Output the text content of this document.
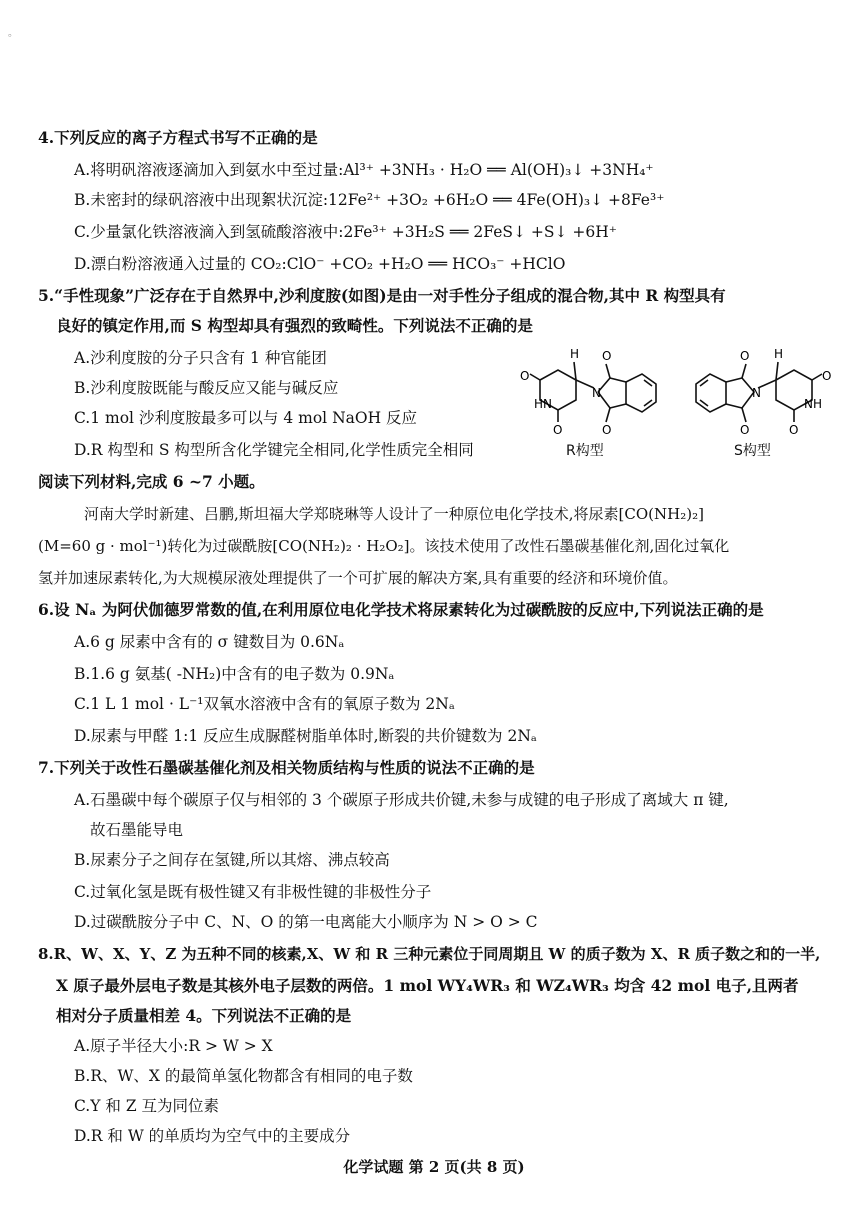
。
4.下列反应的离子方程式书写不正确的是
A.将明矾溶液逐滴加入到氨水中至过量:Al³⁺ +3NH₃ · H₂O ══ Al(OH)₃↓ +3NH₄⁺
B.未密封的绿矾溶液中出现絮状沉淀:12Fe²⁺ +3O₂ +6H₂O ══ 4Fe(OH)₃↓ +8Fe³⁺
C.少量氯化铁溶液滴入到氢硫酸溶液中:2Fe³⁺ +3H₂S ══ 2FeS↓ +S↓ +6H⁺
D.漂白粉溶液通入过量的 CO₂:ClO⁻ +CO₂ +H₂O ══ HCO₃⁻ +HClO
5.“手性现象”广泛存在于自然界中,沙利度胺(如图)是由一对手性分子组成的混合物,其中 R 构型具有
良好的镇定作用,而 S 构型却具有强烈的致畸性。下列说法不正确的是
A.沙利度胺的分子只含有 1 种官能团
B.沙利度胺既能与酸反应又能与碱反应
C.1 mol 沙利度胺最多可以与 4 mol NaOH 反应
D.R 构型和 S 构型所含化学键完全相同,化学性质完全相同
O
HN
O
H
N
O
O
O
N
O
H
O
NH
O
R构型	S构型
阅读下列材料,完成 6 ~7 小题。
河南大学时新建、吕鹏,斯坦福大学郑晓琳等人设计了一种原位电化学技术,将尿素[CO(NH₂)₂]
(M=60 g · mol⁻¹)转化为过碳酰胺[CO(NH₂)₂ · H₂O₂]。该技术使用了改性石墨碳基催化剂,固化过氧化
氢并加速尿素转化,为大规模尿液处理提供了一个可扩展的解决方案,具有重要的经济和环境价值。
6.设 Nₐ 为阿伏伽德罗常数的值,在利用原位电化学技术将尿素转化为过碳酰胺的反应中,下列说法正确的是
A.6 g 尿素中含有的 σ 键数目为 0.6Nₐ
B.1.6 g 氨基( -NH₂)中含有的电子数为 0.9Nₐ
C.1 L 1 mol · L⁻¹双氧水溶液中含有的氧原子数为 2Nₐ
D.尿素与甲醛 1:1 反应生成脲醛树脂单体时,断裂的共价键数为 2Nₐ
7.下列关于改性石墨碳基催化剂及相关物质结构与性质的说法不正确的是
A.石墨碳中每个碳原子仅与相邻的 3 个碳原子形成共价键,未参与成键的电子形成了离域大 π 键,
故石墨能导电
B.尿素分子之间存在氢键,所以其熔、沸点较高
C.过氧化氢是既有极性键又有非极性键的非极性分子
D.过碳酰胺分子中 C、N、O 的第一电离能大小顺序为 N > O > C
8.R、W、X、Y、Z 为五种不同的核素,X、W 和 R 三种元素位于同周期且 W 的质子数为 X、R 质子数之和的一半,
X 原子最外层电子数是其核外电子层数的两倍。1 mol WY₄WR₃ 和 WZ₄WR₃ 均含 42 mol 电子,且两者
相对分子质量相差 4。下列说法不正确的是
A.原子半径大小:R > W > X
B.R、W、X 的最简单氢化物都含有相同的电子数
C.Y 和 Z 互为同位素
D.R 和 W 的单质均为空气中的主要成分
化学试题 第 2 页(共 8 页)
